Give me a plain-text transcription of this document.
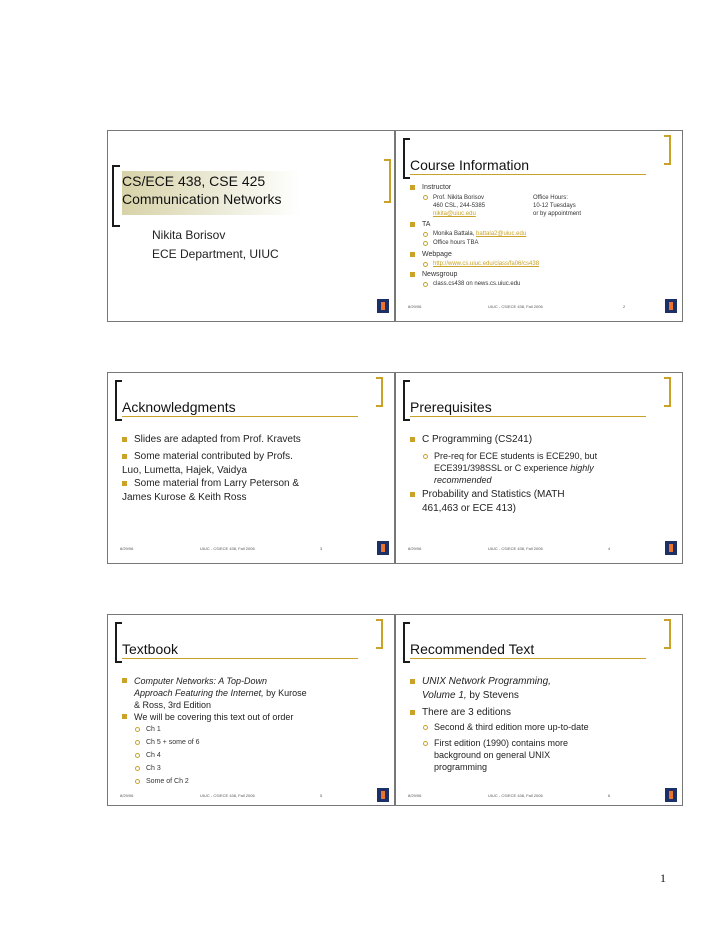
CS/ECE 438, CSE 425
Communication Networks
Nikita Borisov
ECE Department, UIUC
Course Information
Instructor
Prof. Nikita Borisov
460 CSL, 244-5385
nikita@uiuc.edu
Office Hours:
10-12 Tuesdays
or by appointment
TA
Monika Battala, battala2@uiuc.edu
Office hours TBA
Webpage
http://www.cs.uiuc.edu/class/fa06/cs438
Newsgroup
class.cs438 on news.cs.uiuc.edu
8/29/06	UIUC - CS/ECE 438, Fall 2006	2
Acknowledgments
Slides are adapted from Prof. Kravets
Some material contributed by Profs.
Luo, Lumetta, Hajek, Vaidya
Some material from Larry Peterson &
James Kurose & Keith Ross
8/29/06	UIUC - CS/ECE 438, Fall 2006	3
Prerequisites
C Programming (CS241)
Pre-req for ECE students is ECE290, but
ECE391/398SSL or C experience highly
recommended
Probability and Statistics (MATH
461,463 or ECE 413)
8/29/06	UIUC - CS/ECE 438, Fall 2006	4
Textbook
Computer Networks: A Top-Down
Approach Featuring the Internet, by Kurose
& Ross, 3rd Edition
We will be covering this text out of order
Ch 1
Ch 5 + some of 6
Ch 4
Ch 3
Some of Ch 2
8/29/06	UIUC - CS/ECE 438, Fall 2006	5
Recommended Text
UNIX Network Programming,
Volume 1, by Stevens
There are 3 editions
Second & third edition more up-to-date
First edition (1990) contains more
background on general UNIX
programming
8/29/06	UIUC - CS/ECE 438, Fall 2006	6
1
